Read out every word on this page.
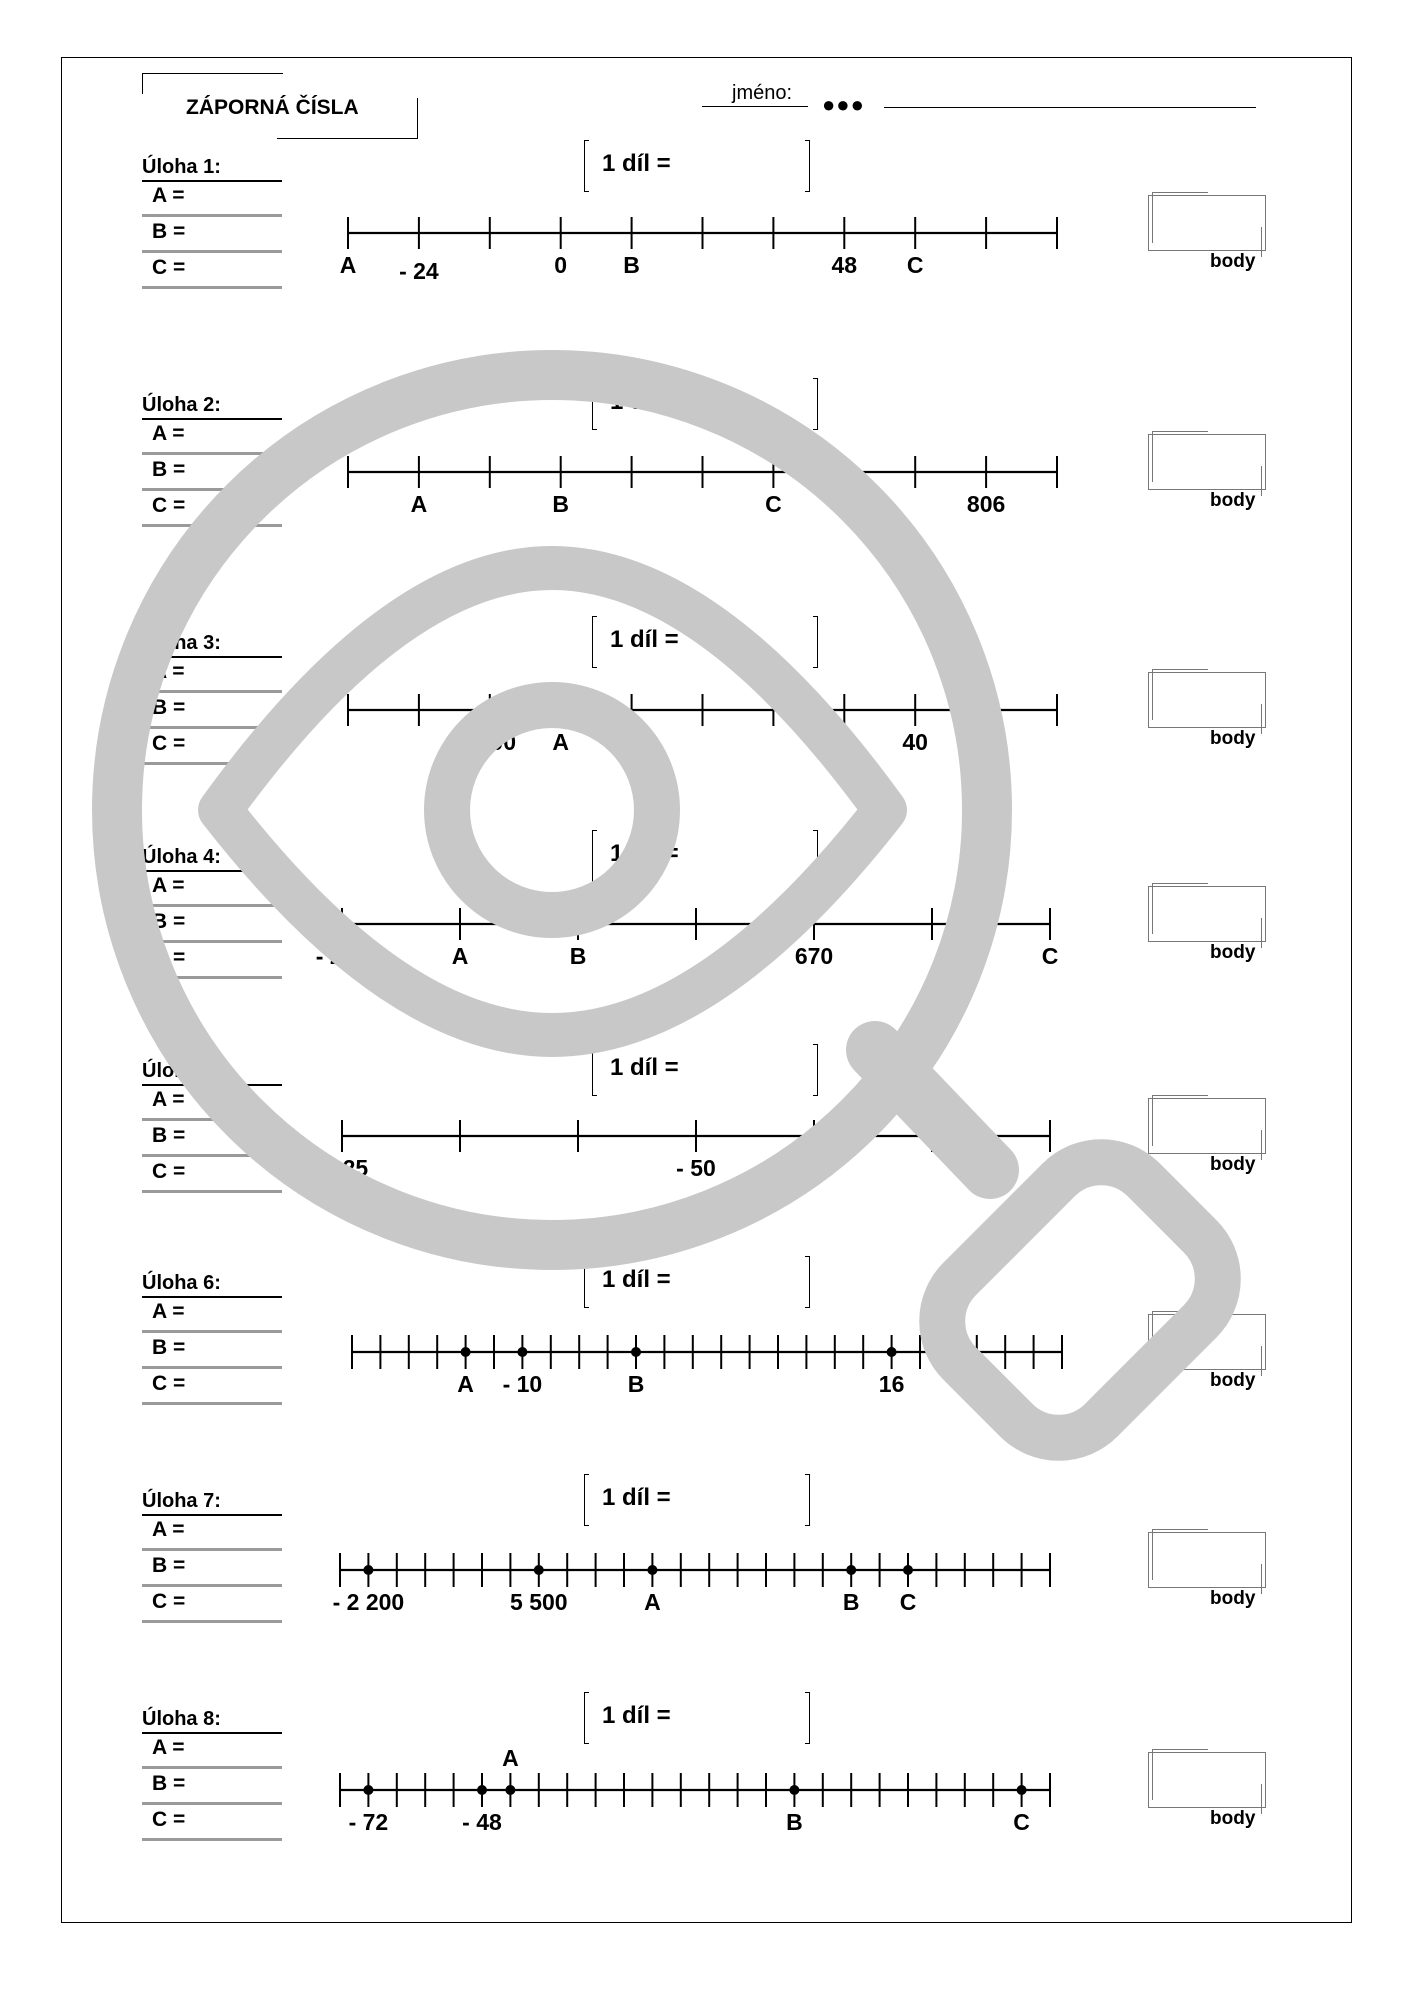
ZÁPORNÁ ČÍSLA
jméno: ●●●
Úloha 1:
A =
B =
C =
1 díl =
body
Úloha 2:
A =
B =
C =
1 díl =
body
Úloha 3:
A =
B =
C =
1 díl =
body
Úloha 4:
A =
B =
C =
1 díl =
body
Úloha 5:
A =
B =
C =
1 díl =
body
Úloha 6:
A =
B =
C =
1 díl =
body
Úloha 7:
A =
B =
C =
1 díl =
body
Úloha 8:
A =
B =
C =
1 díl =
body
A - 24	0 B	48 C
A	B	C	806
- 100 A	40
- 250	A	B	670	C
- 125	- 50
A - 10	B	16
- 2 200	5 500	A	B C
- 72	- 48	B	C
A
